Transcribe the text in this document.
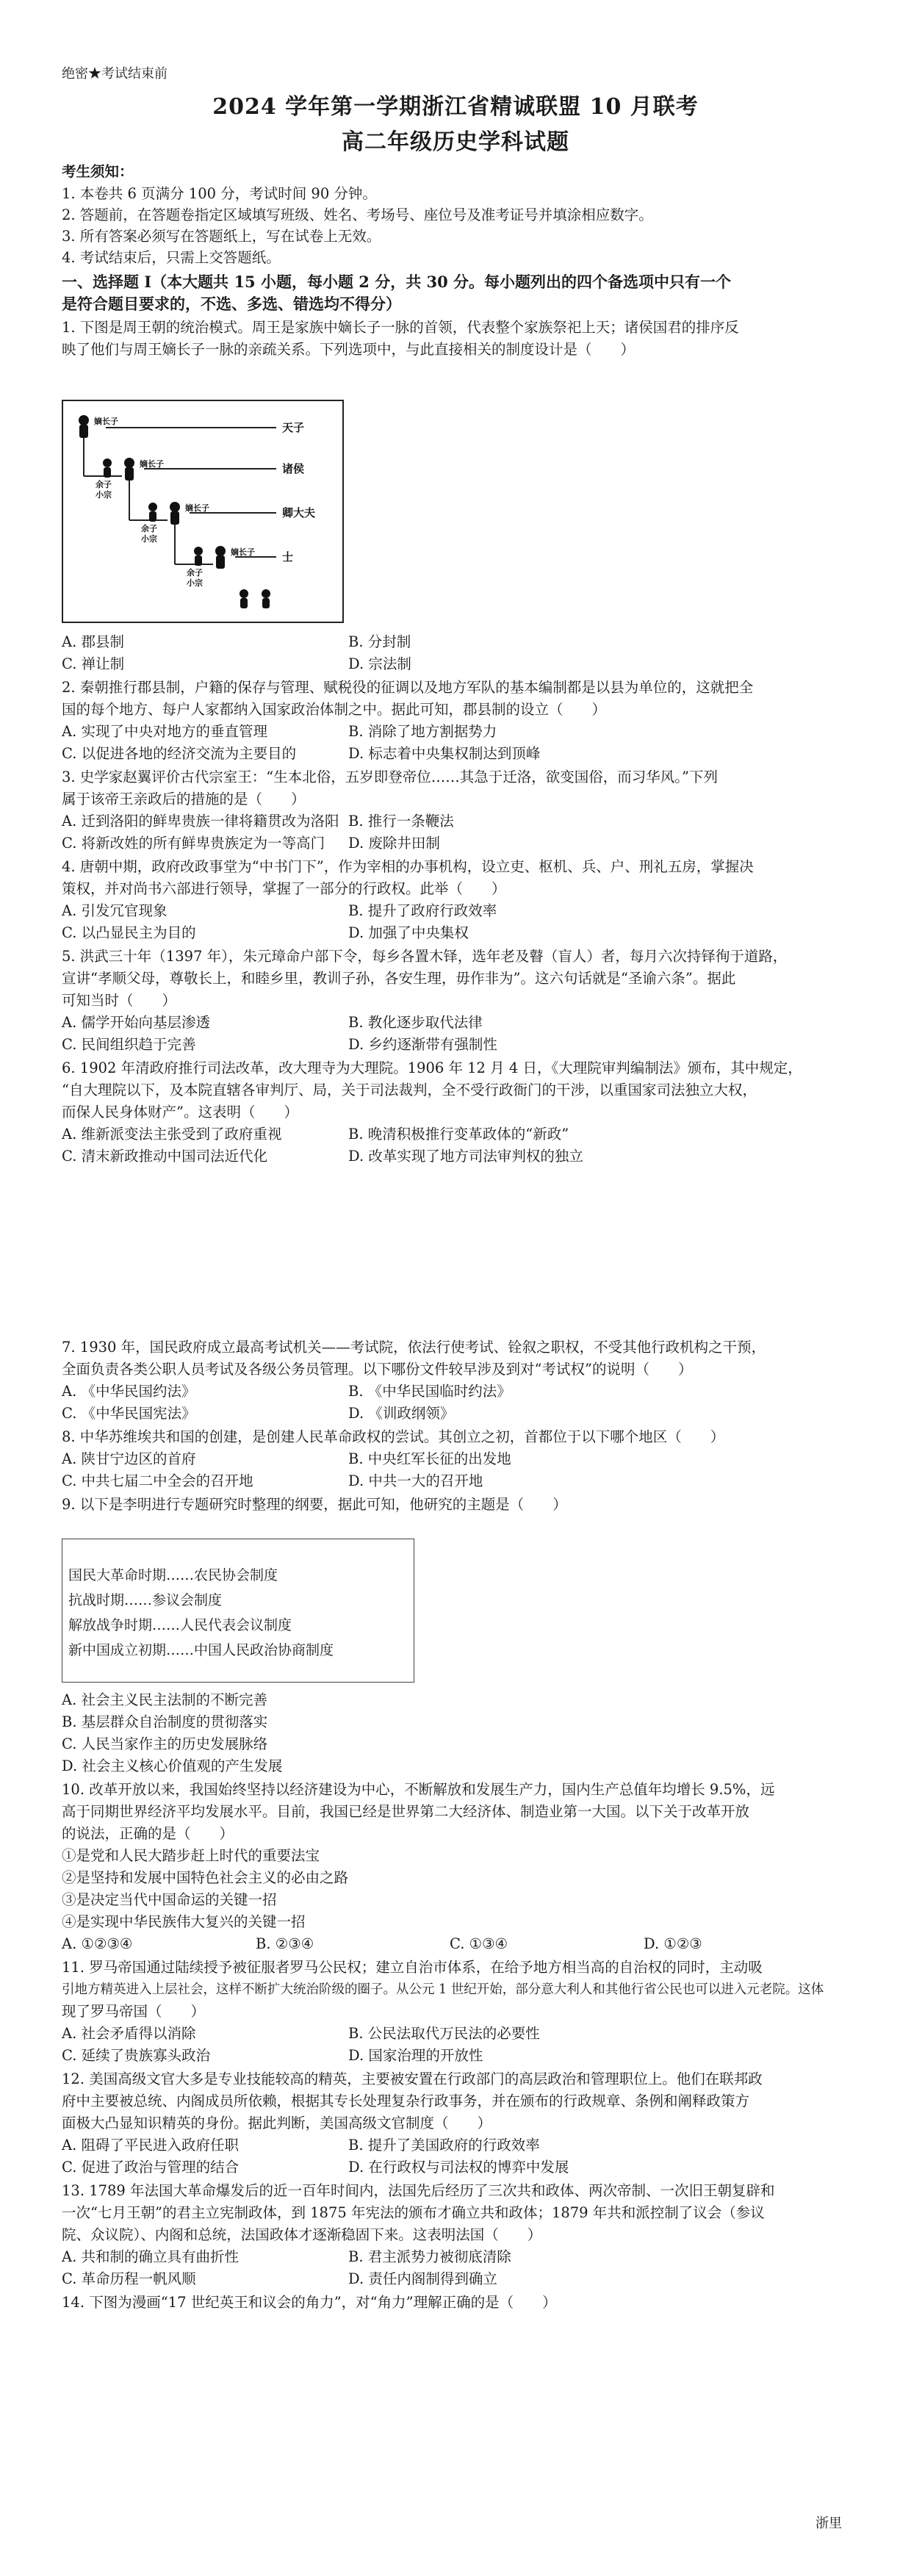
绝密★考试结束前
2024 学年第一学期浙江省精诚联盟 10 月联考
高二年级历史学科试题
考生须知：
1. 本卷共 6 页满分 100 分，考试时间 90 分钟。
2. 答题前，在答题卷指定区域填写班级、姓名、考场号、座位号及准考证号并填涂相应数字。
3. 所有答案必须写在答题纸上，写在试卷上无效。
4. 考试结束后，只需上交答题纸。
一、选择题 I（本大题共 15 小题，每小题 2 分，共 30 分。每小题列出的四个备选项中只有一个
是符合题目要求的，不选、多选、错选均不得分）
1. 下图是周王朝的统治模式。周王是家族中嫡长子一脉的首领，代表整个家族祭祀上天；诸侯国君的排序反
映了他们与周王嫡长子一脉的亲疏关系。下列选项中，与此直接相关的制度设计是（　　）
嫡长子
嫡长子
嫡长子
嫡长子
余子
小宗
余子
小宗
余子
小宗
天子
诸侯
卿大夫
士
A. 郡县制	B. 分封制
C. 禅让制	D. 宗法制
2. 秦朝推行郡县制，户籍的保存与管理、赋税役的征调以及地方军队的基本编制都是以县为单位的，这就把全
国的每个地方、每户人家都纳入国家政治体制之中。据此可知，郡县制的设立（　　）
A. 实现了中央对地方的垂直管理	B. 消除了地方割据势力
C. 以促进各地的经济交流为主要目的	D. 标志着中央集权制达到顶峰
3. 史学家赵翼评价古代宗室王：“生本北俗，五岁即登帝位……其急于迁洛，欲变国俗，而习华风。”下列
属于该帝王亲政后的措施的是（　　）
A. 迁到洛阳的鲜卑贵族一律将籍贯改为洛阳 B. 推行一条鞭法
C. 将新改姓的所有鲜卑贵族定为一等高门 D. 废除井田制
4. 唐朝中期，政府改政事堂为“中书门下”，作为宰相的办事机构，设立吏、枢机、兵、户、刑礼五房，掌握决
策权，并对尚书六部进行领导，掌握了一部分的行政权。此举（　　）
A. 引发冗官现象	B. 提升了政府行政效率
C. 以凸显民主为目的	D. 加强了中央集权
5. 洪武三十年（1397 年），朱元璋命户部下令，每乡各置木铎，选年老及瞽（盲人）者，每月六次持铎徇于道路，
宣讲“孝顺父母，尊敬长上，和睦乡里，教训子孙，各安生理，毋作非为”。这六句话就是“圣谕六条”。据此
可知当时（　　）
A. 儒学开始向基层渗透	B. 教化逐步取代法律
C. 民间组织趋于完善	D. 乡约逐渐带有强制性
6. 1902 年清政府推行司法改革，改大理寺为大理院。1906 年 12 月 4 日，《大理院审判编制法》颁布，其中规定，
“自大理院以下，及本院直辖各审判厅、局，关于司法裁判，全不受行政衙门的干涉，以重国家司法独立大权，
而保人民身体财产”。这表明（　　）
A. 维新派变法主张受到了政府重视	B. 晚清积极推行变革政体的“新政”
C. 清末新政推动中国司法近代化	D. 改革实现了地方司法审判权的独立
7. 1930 年，国民政府成立最高考试机关——考试院，依法行使考试、铨叙之职权，不受其他行政机构之干预，
全面负责各类公职人员考试及各级公务员管理。以下哪份文件较早涉及到对“考试权”的说明（　　）
A. 《中华民国约法》	B. 《中华民国临时约法》
C. 《中华民国宪法》	D. 《训政纲领》
8. 中华苏维埃共和国的创建，是创建人民革命政权的尝试。其创立之初，首都位于以下哪个地区（　　）
A. 陕甘宁边区的首府	B. 中央红军长征的出发地
C. 中共七届二中全会的召开地	D. 中共一大的召开地
9. 以下是李明进行专题研究时整理的纲要，据此可知，他研究的主题是（　　）
国民大革命时期……农民协会制度
抗战时期……参议会制度
解放战争时期……人民代表会议制度
新中国成立初期……中国人民政治协商制度
A. 社会主义民主法制的不断完善
B. 基层群众自治制度的贯彻落实
C. 人民当家作主的历史发展脉络
D. 社会主义核心价值观的产生发展
10. 改革开放以来，我国始终坚持以经济建设为中心，不断解放和发展生产力，国内生产总值年均增长 9.5%，远
高于同期世界经济平均发展水平。目前，我国已经是世界第二大经济体、制造业第一大国。以下关于改革开放
的说法，正确的是（　　）
①是党和人民大踏步赶上时代的重要法宝
②是坚持和发展中国特色社会主义的必由之路
③是决定当代中国命运的关键一招
④是实现中华民族伟大复兴的关键一招
A. ①②③④	B. ②③④	C. ①③④	D. ①②③
11. 罗马帝国通过陆续授予被征服者罗马公民权；建立自治市体系，在给予地方相当高的自治权的同时，主动吸
引地方精英进入上层社会，这样不断扩大统治阶级的圈子。从公元 1 世纪开始，部分意大利人和其他行省公民也可以进入元老院。这体
现了罗马帝国（　　）
A. 社会矛盾得以消除	B. 公民法取代万民法的必要性
C. 延续了贵族寡头政治	D. 国家治理的开放性
12. 美国高级文官大多是专业技能较高的精英，主要被安置在行政部门的高层政治和管理职位上。他们在联邦政
府中主要被总统、内阁成员所依赖，根据其专长处理复杂行政事务，并在颁布的行政规章、条例和阐释政策方
面极大凸显知识精英的身份。据此判断，美国高级文官制度（　　）
A. 阻碍了平民进入政府任职	B. 提升了美国政府的行政效率
C. 促进了政治与管理的结合	D. 在行政权与司法权的博弈中发展
13. 1789 年法国大革命爆发后的近一百年时间内，法国先后经历了三次共和政体、两次帝制、一次旧王朝复辟和
一次“七月王朝”的君主立宪制政体，到 1875 年宪法的颁布才确立共和政体；1879 年共和派控制了议会（参议
院、众议院）、内阁和总统，法国政体才逐渐稳固下来。这表明法国（　　）
A. 共和制的确立具有曲折性	B. 君主派势力被彻底清除
C. 革命历程一帆风顺	D. 责任内阁制得到确立
14. 下图为漫画“17 世纪英王和议会的角力”，对“角力”理解正确的是（　　）
浙里
